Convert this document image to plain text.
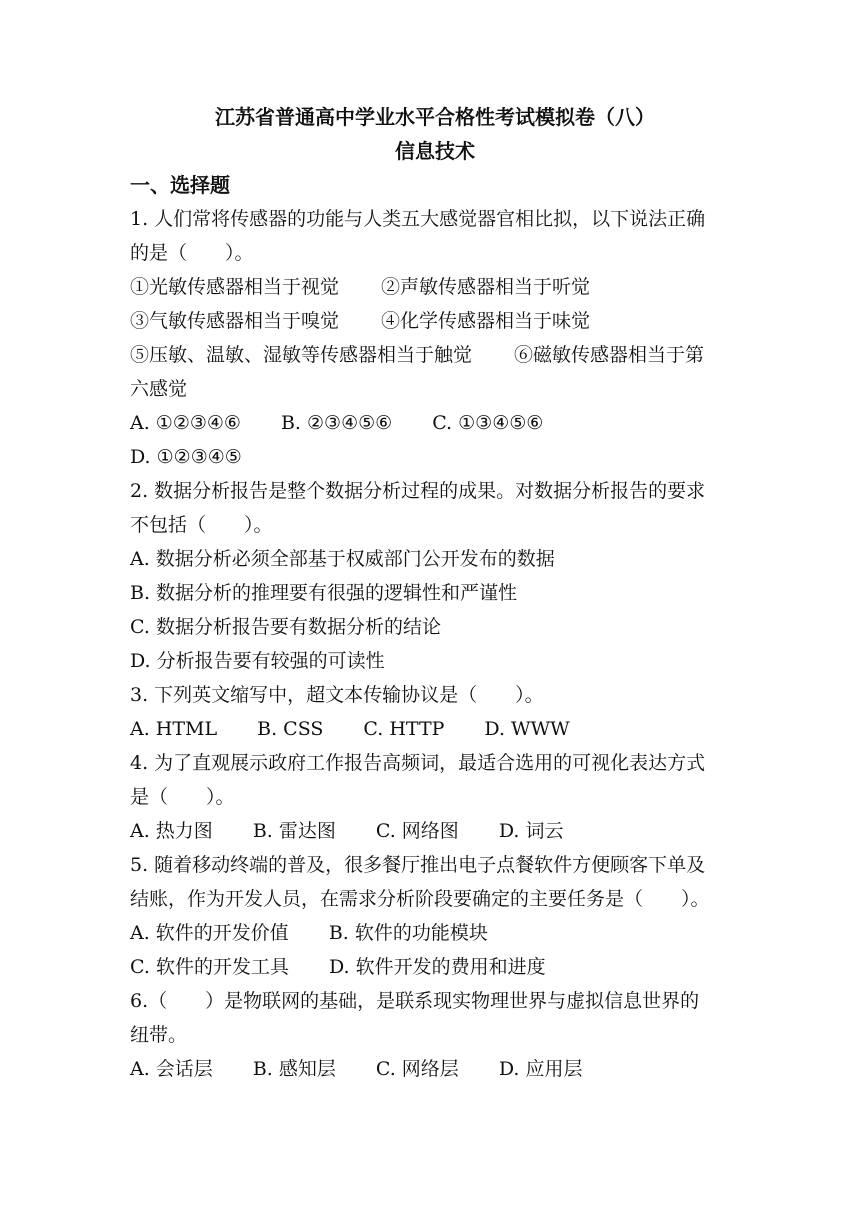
江苏省普通高中学业水平合格性考试模拟卷（八）

信息技术

一、选择题

1. 人们常将传感器的功能与人类五大感觉器官相比拟，以下说法正确

的是（　　）。

①光敏传感器相当于视觉 ②声敏传感器相当于听觉

③气敏传感器相当于嗅觉 ④化学传感器相当于味觉

⑤压敏、温敏、湿敏等传感器相当于触觉 ⑥磁敏传感器相当于第

六感觉

A. ①②③④⑥ B. ②③④⑤⑥ C. ①③④⑤⑥

D. ①②③④⑤

2. 数据分析报告是整个数据分析过程的成果。对数据分析报告的要求

不包括（　　）。

A. 数据分析必须全部基于权威部门公开发布的数据

B. 数据分析的推理要有很强的逻辑性和严谨性

C. 数据分析报告要有数据分析的结论

D. 分析报告要有较强的可读性

3. 下列英文缩写中，超文本传输协议是（　　）。

A. HTML B. CSS C. HTTP D. WWW

4. 为了直观展示政府工作报告高频词，最适合选用的可视化表达方式

是（　　）。

A. 热力图 B. 雷达图 C. 网络图 D. 词云

5. 随着移动终端的普及，很多餐厅推出电子点餐软件方便顾客下单及

结账，作为开发人员，在需求分析阶段要确定的主要任务是（　　）。

A. 软件的开发价值 B. 软件的功能模块

C. 软件的开发工具 D. 软件开发的费用和进度

6.（　　）是物联网的基础，是联系现实物理世界与虚拟信息世界的

纽带。

A. 会话层 B. 感知层 C. 网络层 D. 应用层
